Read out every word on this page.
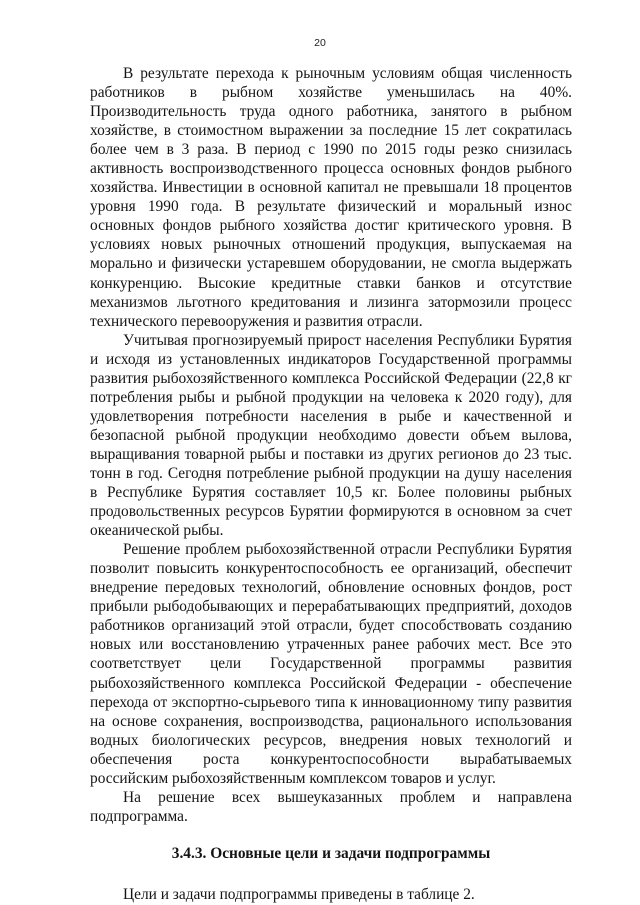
20

В результате перехода к рыночным условиям общая численность работников в рыбном хозяйстве уменьшилась на 40%. Производительность труда одного работника, занятого в рыбном хозяйстве, в стоимостном выражении за последние 15 лет сократилась более чем в 3 раза. В период с 1990 по 2015 годы резко снизилась активность воспроизводственного процесса основных фондов рыбного хозяйства. Инвестиции в основной капитал не превышали 18 процентов уровня 1990 года. В результате физический и моральный износ основных фондов рыбного хозяйства достиг критического уровня. В условиях новых рыночных отношений продукция, выпускаемая на морально и физически устаревшем оборудовании, не смогла выдержать конкуренцию. Высокие кредитные ставки банков и отсутствие механизмов льготного кредитования и лизинга затормозили процесс технического перевооружения и развития отрасли.

Учитывая прогнозируемый прирост населения Республики Бурятия и исходя из установленных индикаторов Государственной программы развития рыбохозяйственного комплекса Российской Федерации (22,8 кг потребления рыбы и рыбной продукции на человека к 2020 году), для удовлетворения потребности населения в рыбе и качественной и безопасной рыбной продукции необходимо довести объем вылова, выращивания товарной рыбы и поставки из других регионов до 23 тыс. тонн в год. Сегодня потребление рыбной продукции на душу населения в Республике Бурятия составляет 10,5 кг. Более половины рыбных продовольственных ресурсов Бурятии формируются в основном за счет океанической рыбы.

Решение проблем рыбохозяйственной отрасли Республики Бурятия позволит повысить конкурентоспособность ее организаций, обеспечит внедрение передовых технологий, обновление основных фондов, рост прибыли рыбодобывающих и перерабатывающих предприятий, доходов работников организаций этой отрасли, будет способствовать созданию новых или восстановлению утраченных ранее рабочих мест. Все это соответствует цели Государственной программы развития рыбохозяйственного комплекса Российской Федерации - обеспечение перехода от экспортно-сырьевого типа к инновационному типу развития на основе сохранения, воспроизводства, рационального использования водных биологических ресурсов, внедрения новых технологий и обеспечения роста конкурентоспособности вырабатываемых российским рыбохозяйственным комплексом товаров и услуг.

На решение всех вышеуказанных проблем и направлена подпрограмма.

3.4.3. Основные цели и задачи подпрограммы

Цели и задачи подпрограммы приведены в таблице 2.
